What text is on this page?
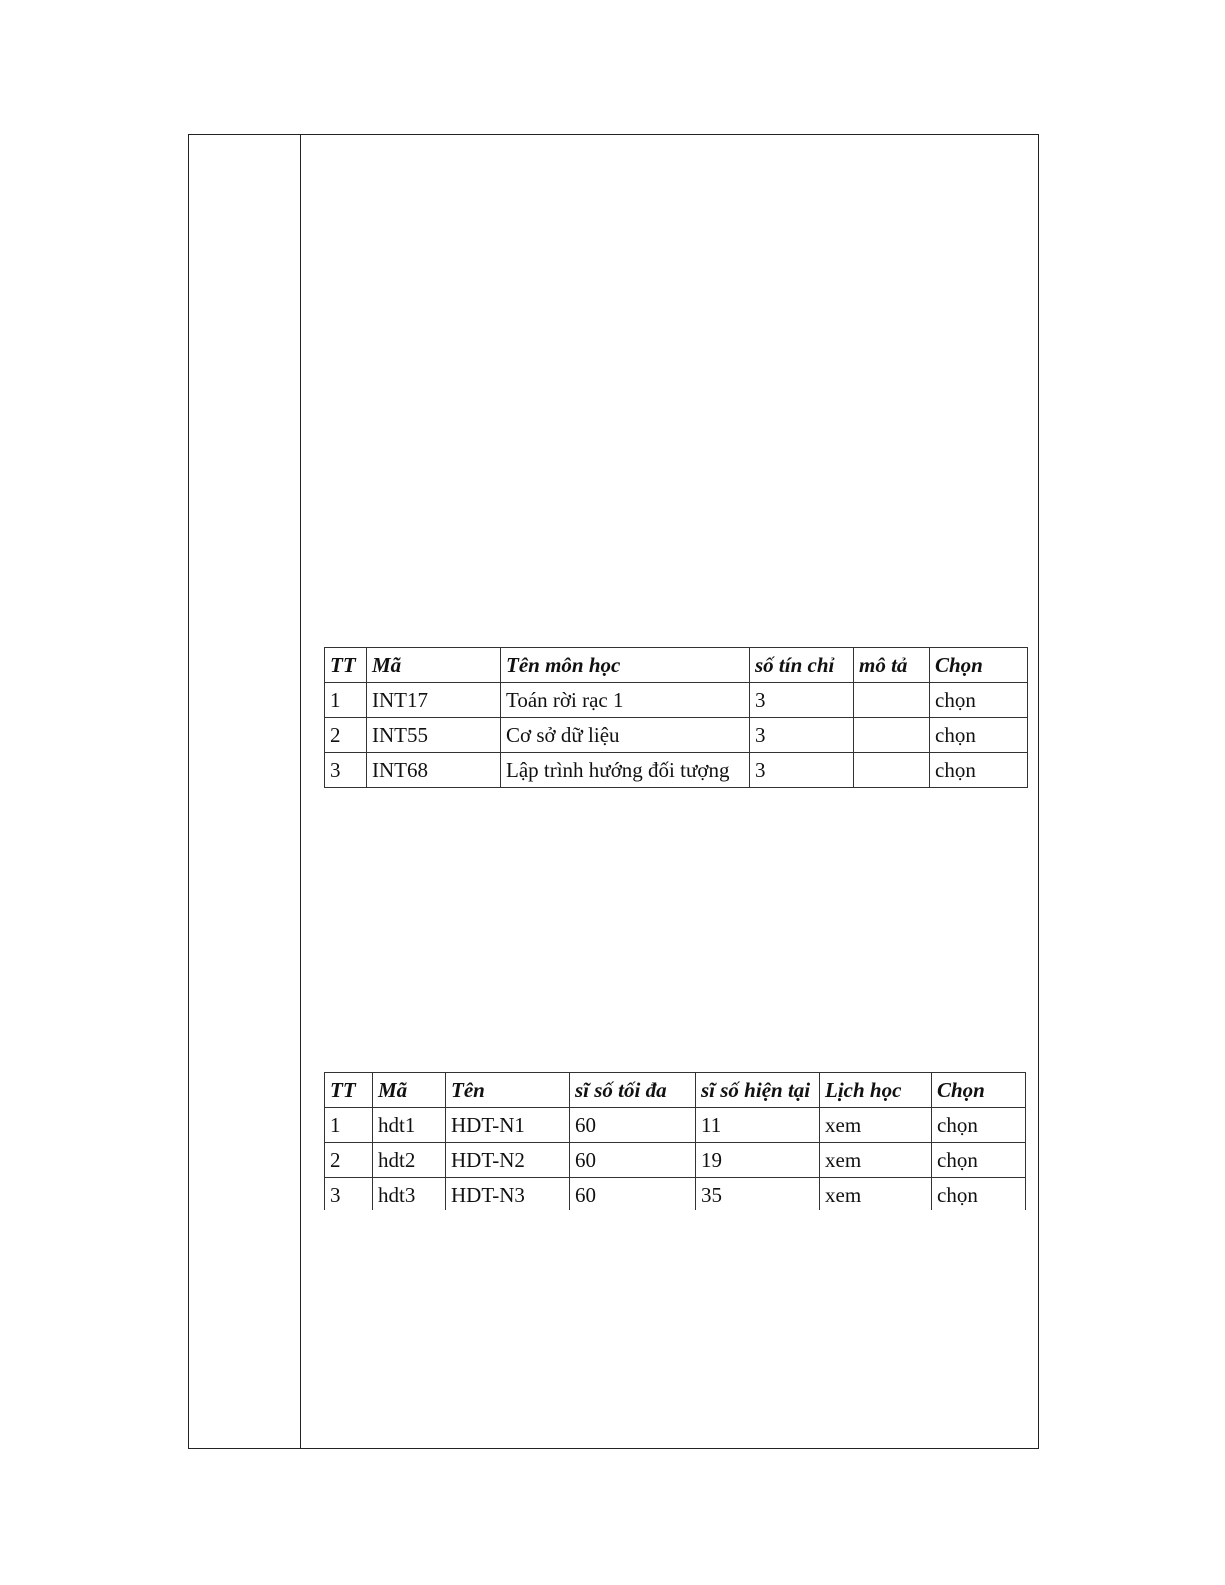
TT	Mã	Tên môn học	số tín chỉ	mô tả	Chọn
1	INT17	Toán rời rạc 1	3		chọn
2	INT55	Cơ sở dữ liệu	3		chọn
3	INT68	Lập trình hướng đối tượng	3		chọn
TT	Mã	Tên	sĩ số tối đa	sĩ số hiện tại	Lịch học	Chọn
1	hdt1	HDT-N1	60	11	xem	chọn
2	hdt2	HDT-N2	60	19	xem	chọn
3	hdt3	HDT-N3	60	35	xem	chọn
